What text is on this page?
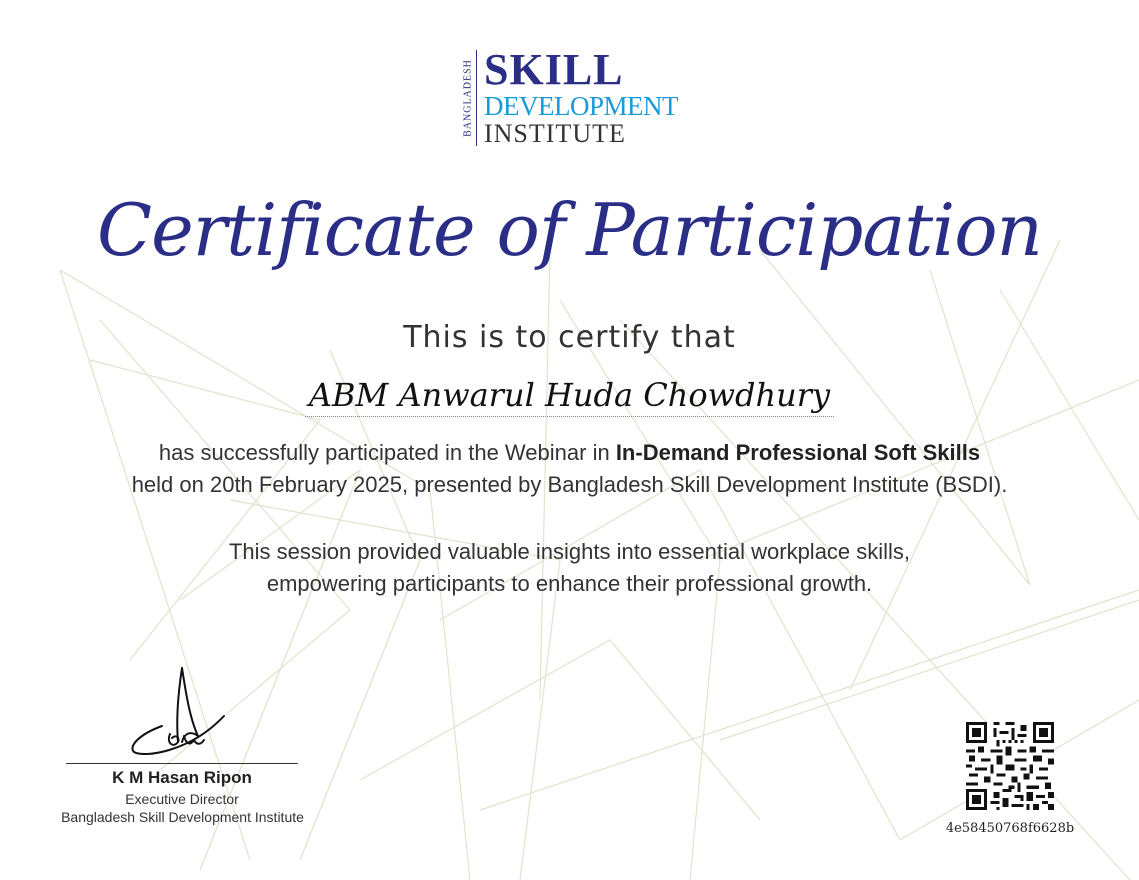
BANGLADESH SKILL
DEVELOPMENT
INSTITUTE
Certificate of Participation
This is to certify that
ABM Anwarul Huda Chowdhury
has successfully participated in the Webinar in In-Demand Professional Soft Skills
held on 20th February 2025, presented by Bangladesh Skill Development Institute (BSDI).
This session provided valuable insights into essential workplace skills,
empowering participants to enhance their professional growth.
K M Hasan Ripon
Executive Director
Bangladesh Skill Development Institute
4e58450768f6628b
